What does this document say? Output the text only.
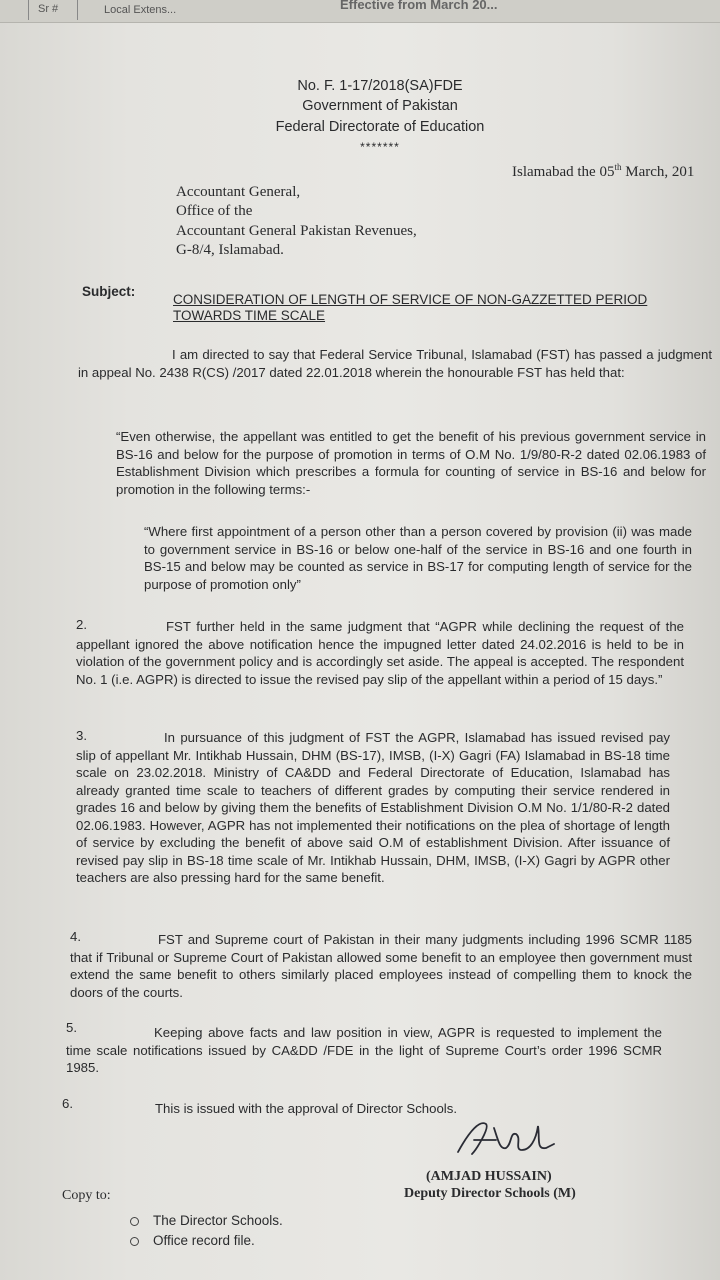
Sr #	Local Extens...	Effective from March 20...
No. F. 1-17/2018(SA)FDE
Government of Pakistan
Federal Directorate of Education
*******
Islamabad the 05th March, 201
Accountant General,
Office of the
Accountant General Pakistan Revenues,
G-8/4, Islamabad.
Subject:
CONSIDERATION OF LENGTH OF SERVICE OF NON-GAZZETTED PERIOD
TOWARDS TIME SCALE
I am directed to say that Federal Service Tribunal, Islamabad (FST) has passed a judgment in appeal No. 2438 R(CS) /2017 dated 22.01.2018 wherein the honourable FST has held that:
“Even otherwise, the appellant was entitled to get the benefit of his previous government service in BS-16 and below for the purpose of promotion in terms of O.M No. 1/9/80-R-2 dated 02.06.1983 of Establishment Division which prescribes a formula for counting of service in BS-16 and below for promotion in the following terms:-
“Where first appointment of a person other than a person covered by provision (ii) was made to government service in BS-16 or below one-half of the service in BS-16 and one fourth in BS-15 and below may be counted as service in BS-17 for computing length of service for the purpose of promotion only”
2.	FST further held in the same judgment that “AGPR while declining the request of the appellant ignored the above notification hence the impugned letter dated 24.02.2016 is held to be in violation of the government policy and is accordingly set aside. The appeal is accepted. The respondent No. 1 (i.e. AGPR) is directed to issue the revised pay slip of the appellant within a period of 15 days.”
3.	In pursuance of this judgment of FST the AGPR, Islamabad has issued revised pay slip of appellant Mr. Intikhab Hussain, DHM (BS-17), IMSB, (I-X) Gagri (FA) Islamabad in BS-18 time scale on 23.02.2018. Ministry of CA&DD and Federal Directorate of Education, Islamabad has already granted time scale to teachers of different grades by computing their service rendered in grades 16 and below by giving them the benefits of Establishment Division O.M No. 1/1/80-R-2 dated 02.06.1983. However, AGPR has not implemented their notifications on the plea of shortage of length of service by excluding the benefit of above said O.M of establishment Division. After issuance of revised pay slip in BS-18 time scale of Mr. Intikhab Hussain, DHM, IMSB, (I-X) Gagri by AGPR other teachers are also pressing hard for the same benefit.
4.	FST and Supreme court of Pakistan in their many judgments including 1996 SCMR 1185 that if Tribunal or Supreme Court of Pakistan allowed some benefit to an employee then government must extend the same benefit to others similarly placed employees instead of compelling them to knock the doors of the courts.
5.	Keeping above facts and law position in view, AGPR is requested to implement the time scale notifications issued by CA&DD /FDE in the light of Supreme Court’s order 1996 SCMR 1985.
6.	This is issued with the approval of Director Schools.
(AMJAD HUSSAIN)
Deputy Director Schools (M)
Copy to:
The Director Schools.
Office record file.
